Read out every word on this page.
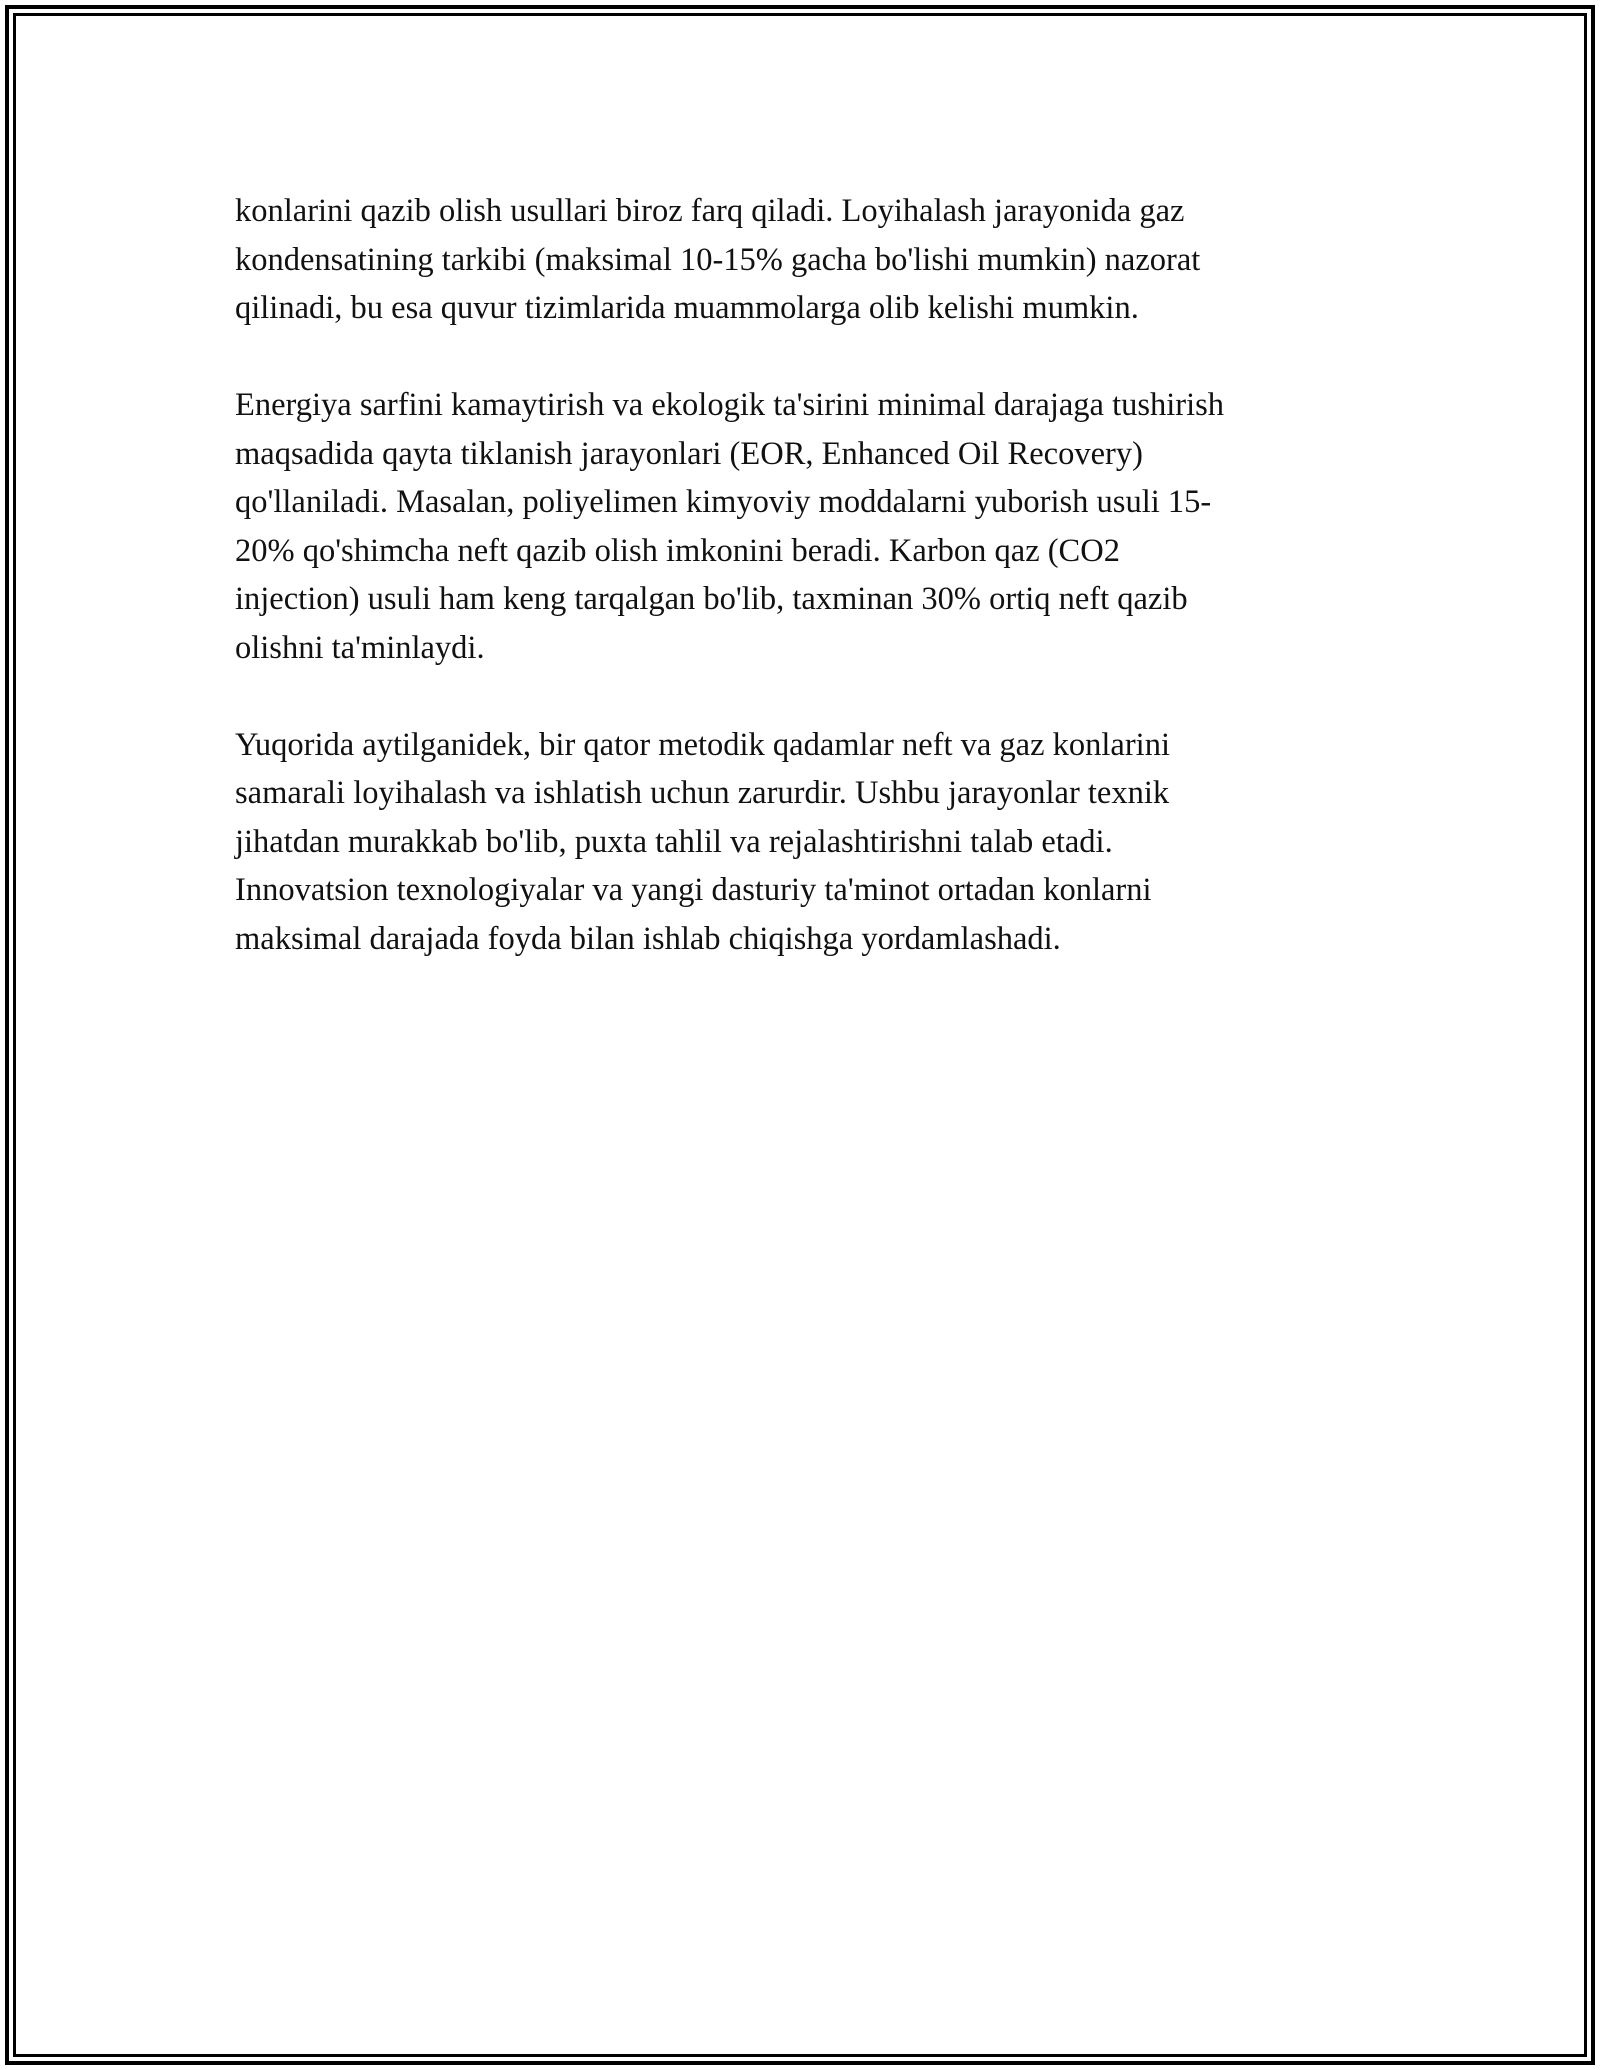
konlarini qazib olish usullari biroz farq qiladi. Loyihalash jarayonida gaz
kondensatining tarkibi (maksimal 10-15% gacha bo'lishi mumkin) nazorat
qilinadi, bu esa quvur tizimlarida muammolarga olib kelishi mumkin.

Energiya sarfini kamaytirish va ekologik ta'sirini minimal darajaga tushirish
maqsadida qayta tiklanish jarayonlari (EOR, Enhanced Oil Recovery)
qo'llaniladi. Masalan, poliyelimen kimyoviy moddalarni yuborish usuli 15-
20% qo'shimcha neft qazib olish imkonini beradi. Karbon qaz (CO2
injection) usuli ham keng tarqalgan bo'lib, taxminan 30% ortiq neft qazib
olishni ta'minlaydi.

Yuqorida aytilganidek, bir qator metodik qadamlar neft va gaz konlarini
samarali loyihalash va ishlatish uchun zarurdir. Ushbu jarayonlar texnik
jihatdan murakkab bo'lib, puxta tahlil va rejalashtirishni talab etadi.
Innovatsion texnologiyalar va yangi dasturiy ta'minot ortadan konlarni
maksimal darajada foyda bilan ishlab chiqishga yordamlashadi.
